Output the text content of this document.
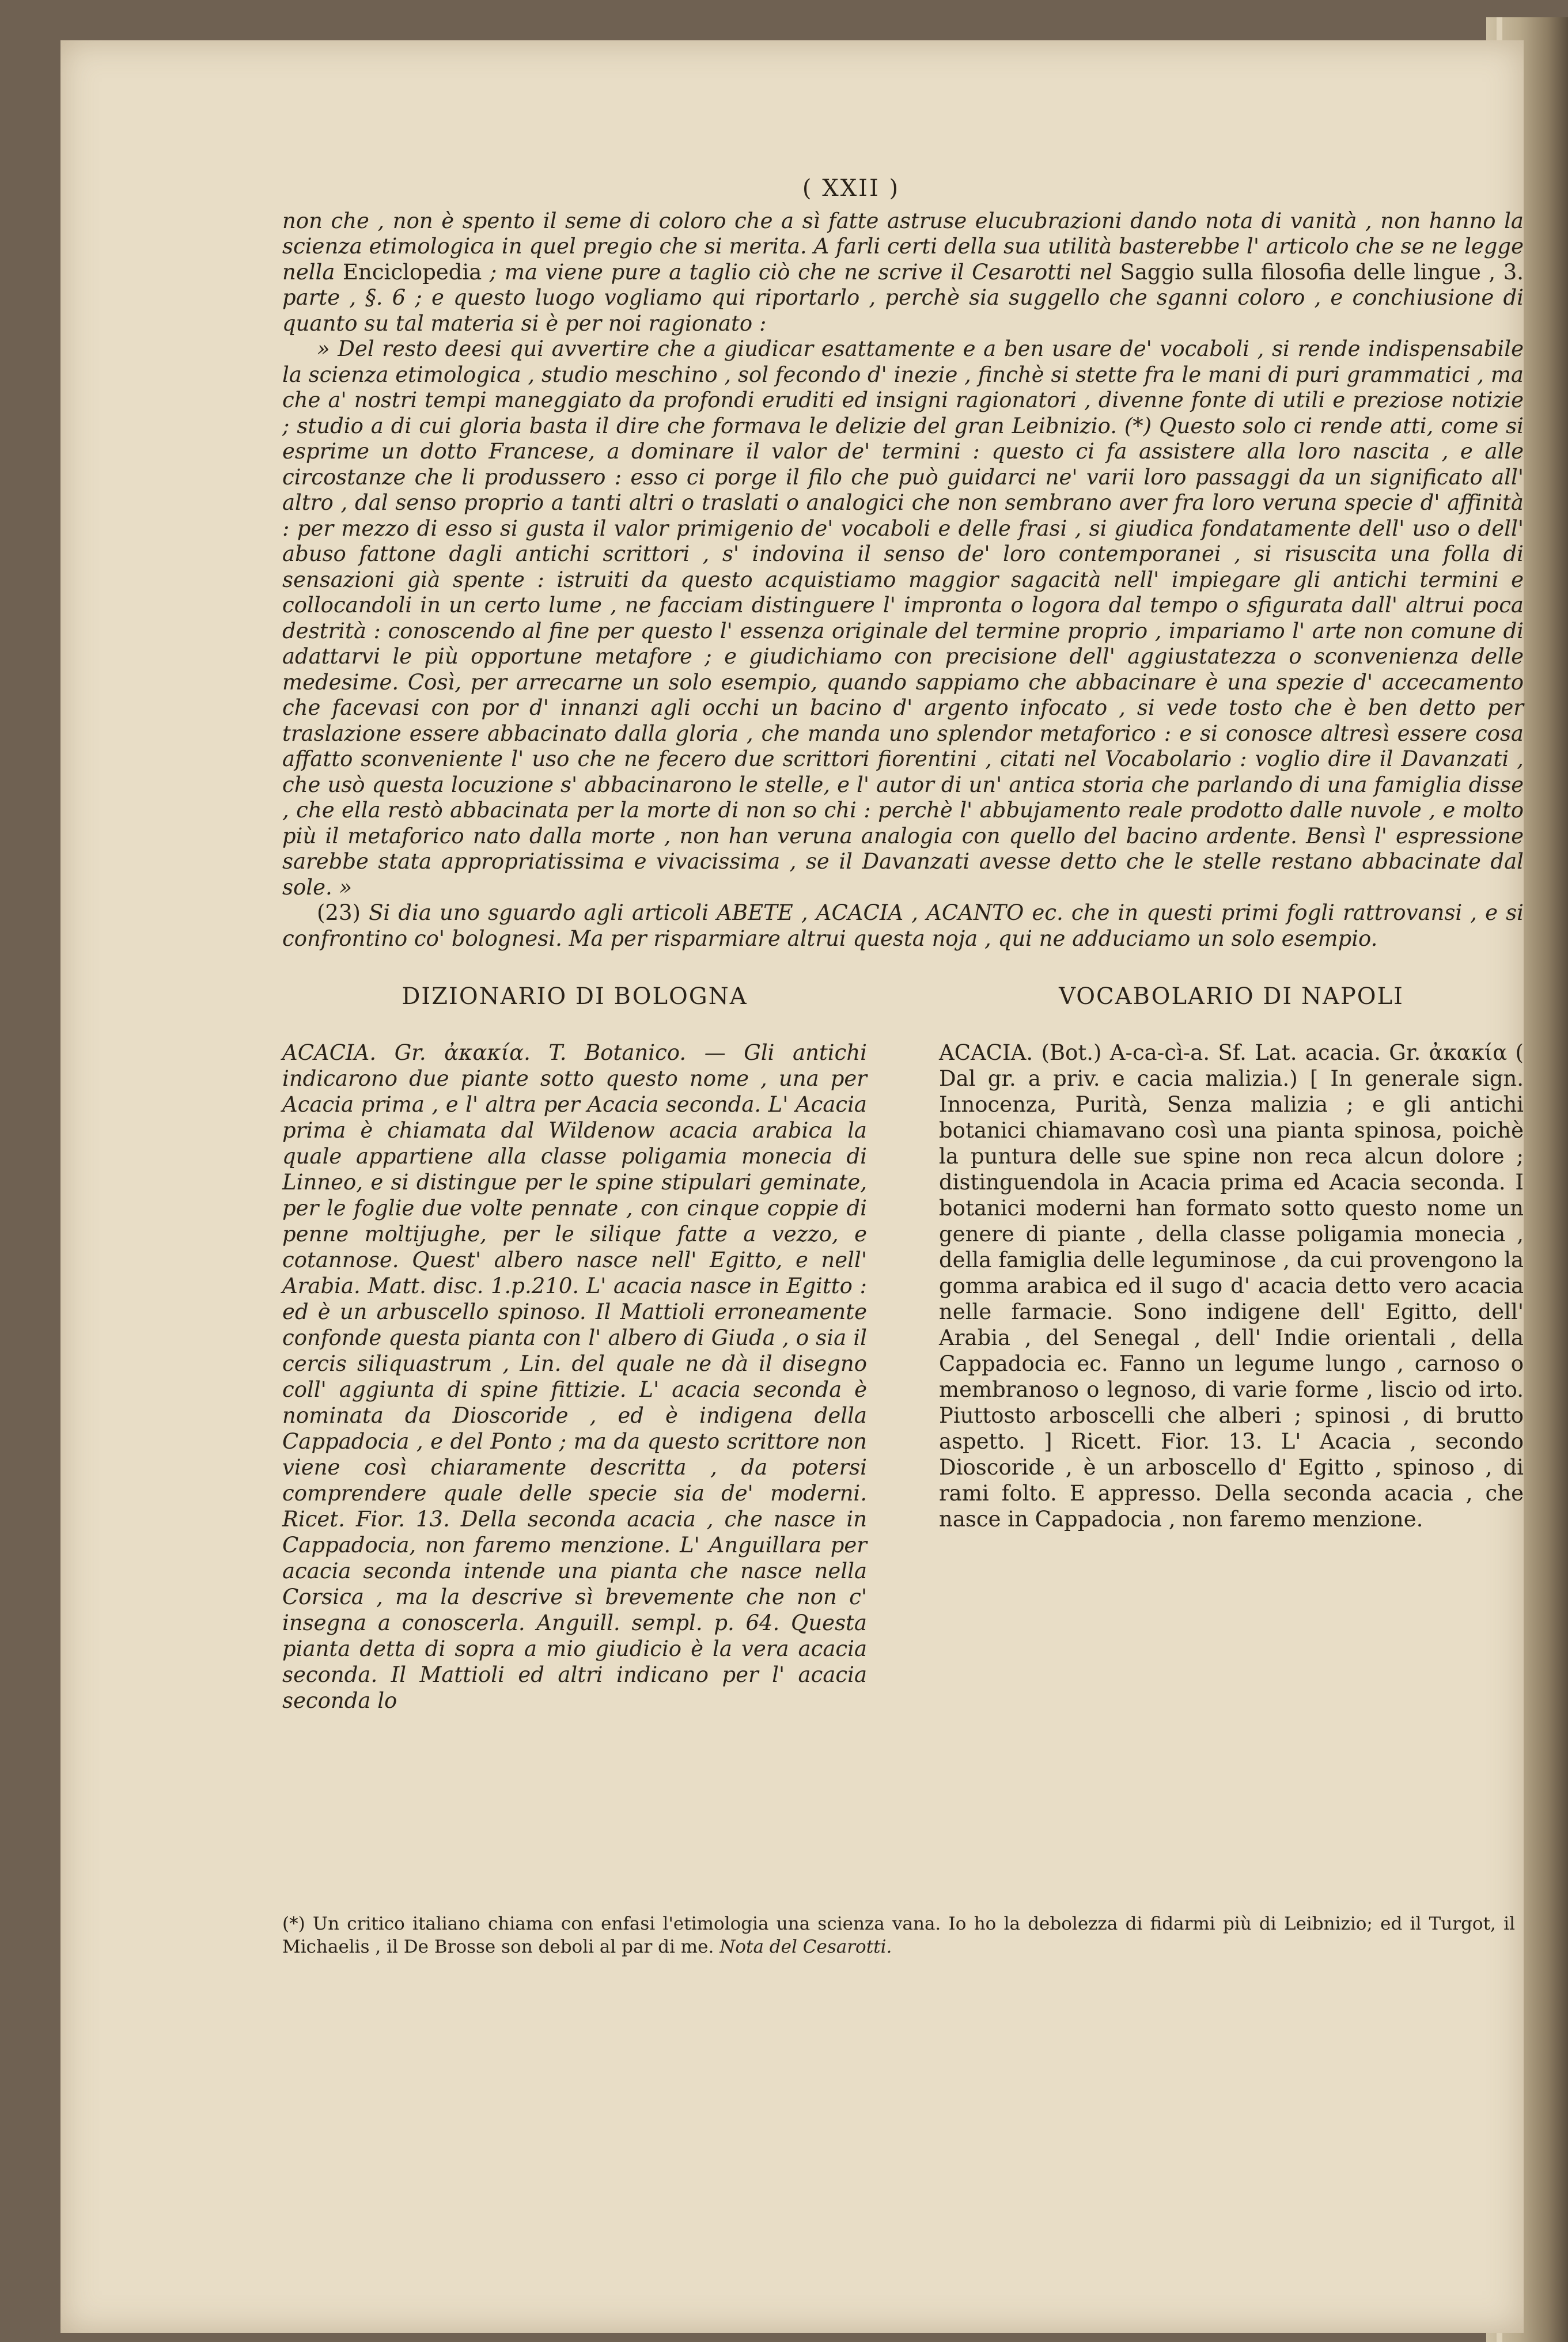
( XXII )

non che , non è spento il seme di coloro che a sì fatte astruse elucubrazioni dando nota di vanità , non hanno la scienza etimologica in quel pregio che si merita. A farli certi della sua utilità basterebbe l' articolo che se ne legge nella Enciclopedia ; ma viene pure a taglio ciò che ne scrive il Cesarotti nel Saggio sulla filosofia delle lingue , 3. parte , §. 6 ; e questo luogo vogliamo qui riportarlo , perchè sia suggello che sganni coloro , e conchiusione di quanto su tal materia si è per noi ragionato :

» Del resto deesi qui avvertire che a giudicar esattamente e a ben usare de' vocaboli , si rende indispensabile la scienza etimologica , studio meschino , sol fecondo d' inezie , finchè si stette fra le mani di puri grammatici , ma che a' nostri tempi maneggiato da profondi eruditi ed insigni ragionatori , divenne fonte di utili e preziose notizie ; studio a di cui gloria basta il dire che formava le delizie del gran Leibnizio. (*) Questo solo ci rende atti, come si esprime un dotto Francese, a dominare il valor de' termini : questo ci fa assistere alla loro nascita , e alle circostanze che li produssero : esso ci porge il filo che può guidarci ne' varii loro passaggi da un significato all' altro , dal senso proprio a tanti altri o traslati o analogici che non sembrano aver fra loro veruna specie d' affinità : per mezzo di esso si gusta il valor primigenio de' vocaboli e delle frasi , si giudica fondatamente dell' uso o dell' abuso fattone dagli antichi scrittori , s' indovina il senso de' loro contemporanei , si risuscita una folla di sensazioni già spente : istruiti da questo acquistiamo maggior sagacità nell' impiegare gli antichi termini e collocandoli in un certo lume , ne facciam distinguere l' impronta o logora dal tempo o sfigurata dall' altrui poca destrità : conoscendo al fine per questo l' essenza originale del termine proprio , impariamo l' arte non comune di adattarvi le più opportune metafore ; e giudichiamo con precisione dell' aggiustatezza o sconvenienza delle medesime. Così, per arrecarne un solo esempio, quando sappiamo che abbacinare è una spezie d' accecamento che facevasi con por d' innanzi agli occhi un bacino d' argento infocato , si vede tosto che è ben detto per traslazione essere abbacinato dalla gloria , che manda uno splendor metaforico : e si conosce altresì essere cosa affatto sconveniente l' uso che ne fecero due scrittori fiorentini , citati nel Vocabolario : voglio dire il Davanzati , che usò questa locuzione s' abbacinarono le stelle, e l' autor di un' antica storia che parlando di una famiglia disse , che ella restò abbacinata per la morte di non so chi : perchè l' abbujamento reale prodotto dalle nuvole , e molto più il metaforico nato dalla morte , non han veruna analogia con quello del bacino ardente. Bensì l' espressione sarebbe stata appropriatissima e vivacissima , se il Davanzati avesse detto che le stelle restano abbacinate dal sole. »

(23) Si dia uno sguardo agli articoli ABETE , ACACIA , ACANTO ec. che in questi primi fogli rattrovansi , e si confrontino co' bolognesi. Ma per risparmiare altrui questa noja , qui ne adduciamo un solo esempio.

DIZIONARIO DI BOLOGNA
ACACIA. Gr. ἀκακία. T. Botanico. — Gli antichi indicarono due piante sotto questo nome , una per Acacia prima , e l' altra per Acacia seconda. L' Acacia prima è chiamata dal Wildenow acacia arabica la quale appartiene alla classe poligamia monecia di Linneo, e si distingue per le spine stipulari geminate, per le foglie due volte pennate , con cinque coppie di penne moltijughe, per le silique fatte a vezzo, e cotannose. Quest' albero nasce nell' Egitto, e nell' Arabia. Matt. disc. 1.p.210. L' acacia nasce in Egitto : ed è un arbuscello spinoso. Il Mattioli erroneamente confonde questa pianta con l' albero di Giuda , o sia il cercis siliquastrum , Lin. del quale ne dà il disegno coll' aggiunta di spine fittizie. L' acacia seconda è nominata da Dioscoride , ed è indigena della Cappadocia , e del Ponto ; ma da questo scrittore non viene così chiaramente descritta , da potersi comprendere quale delle specie sia de' moderni. Ricet. Fior. 13. Della seconda acacia , che nasce in Cappadocia, non faremo menzione. L' Anguillara per acacia seconda intende una pianta che nasce nella Corsica , ma la descrive sì brevemente che non c' insegna a conoscerla. Anguill. sempl. p. 64. Questa pianta detta di sopra a mio giudicio è la vera acacia seconda. Il Mattioli ed altri indicano per l' acacia seconda lo
VOCABOLARIO DI NAPOLI
ACACIA. (Bot.) A-ca-cì-a. Sf. Lat. acacia. Gr. ἀκακία ( Dal gr. a priv. e cacia malizia.) [ In generale sign. Innocenza, Purità, Senza malizia ; e gli antichi botanici chiamavano così una pianta spinosa, poichè la puntura delle sue spine non reca alcun dolore ; distinguendola in Acacia prima ed Acacia seconda. I botanici moderni han formato sotto questo nome un genere di piante , della classe poligamia monecia , della famiglia delle leguminose , da cui provengono la gomma arabica ed il sugo d' acacia detto vero acacia nelle farmacie. Sono indigene dell' Egitto, dell' Arabia , del Senegal , dell' Indie orientali , della Cappadocia ec. Fanno un legume lungo , carnoso o membranoso o legnoso, di varie forme , liscio od irto. Piuttosto arboscelli che alberi ; spinosi , di brutto aspetto. ] Ricett. Fior. 13. L' Acacia , secondo Dioscoride , è un arboscello d' Egitto , spinoso , di rami folto. E appresso. Della seconda acacia , che nasce in Cappadocia , non faremo menzione.
(*) Un critico italiano chiama con enfasi l'etimologia una scienza vana. Io ho la debolezza di fidarmi più di Leibnizio; ed il Turgot, il Michaelis , il De Brosse son deboli al par di me. Nota del Cesarotti.
